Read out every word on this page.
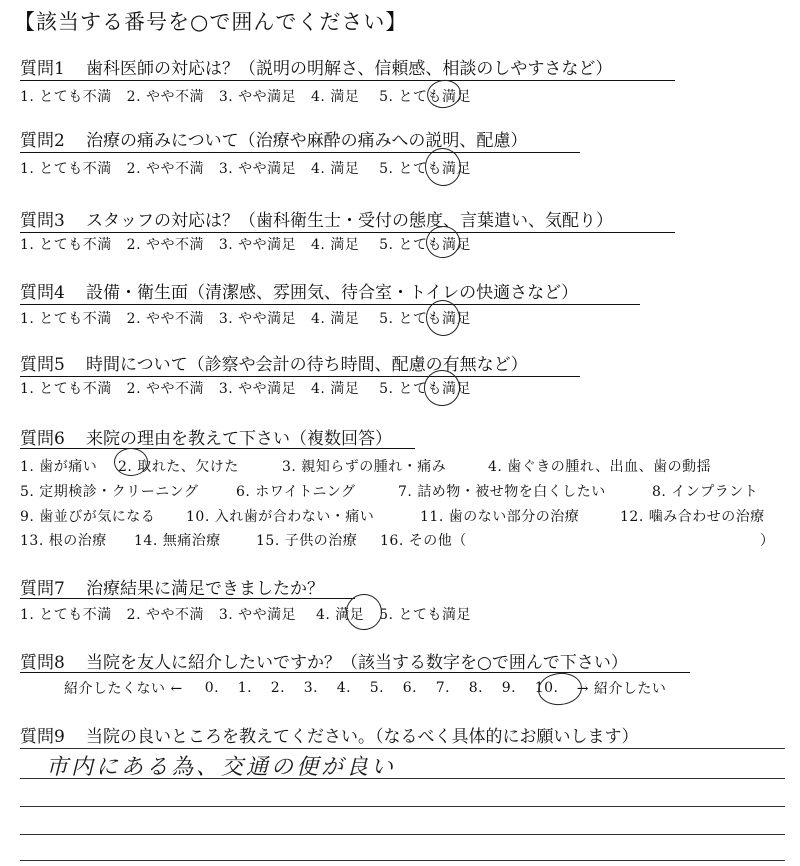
【該当する番号を○で囲んでください】
質問1 歯科医師の対応は？（説明の明解さ、信頼感、相談のしやすさなど）
1. とても不満 2. やや不満 3. やや満足 4. 満足 5. とても満足
質問2 治療の痛みについて（治療や麻酔の痛みへの説明、配慮）
1. とても不満 2. やや不満 3. やや満足 4. 満足 5. とても満足
質問3 スタッフの対応は？（歯科衛生士・受付の態度、言葉遣い、気配り）
1. とても不満 2. やや不満 3. やや満足 4. 満足 5. とても満足
質問4 設備・衛生面（清潔感、雰囲気、待合室・トイレの快適さなど）
1. とても不満 2. やや不満 3. やや満足 4. 満足 5. とても満足
質問5 時間について（診察や会計の待ち時間、配慮の有無など）
1. とても不満 2. やや不満 3. やや満足 4. 満足 5. とても満足
質問6 来院の理由を教えて下さい（複数回答）
1. 歯が痛い 2. 取れた、欠けた	3. 親知らずの腫れ・痛み	4. 歯ぐきの腫れ、出血、歯の動揺
5. 定期検診・クリーニング	6. ホワイトニング	7. 詰め物・被せ物を白くしたい	8. インプラント
9. 歯並びが気になる 10. 入れ歯が合わない・痛い	11. 歯のない部分の治療	12. 噛み合わせの治療
13. 根の治療 14. 無痛治療	15. 子供の治療 16. その他（	）
質問7 治療結果に満足できましたか？
1. とても不満 2. やや不満 3. やや満足 4. 満足 5. とても満足
質問8 当院を友人に紹介したいですか？（該当する数字を○で囲んで下さい）
紹介したくない ← 0.	1.	2.	3.	4.	5.	6.	7.	8.	9.	10.	→ 紹介したい
質問9 当院の良いところを教えてください。（なるべく具体的にお願いします）
市内にある為、交通の便が良い
